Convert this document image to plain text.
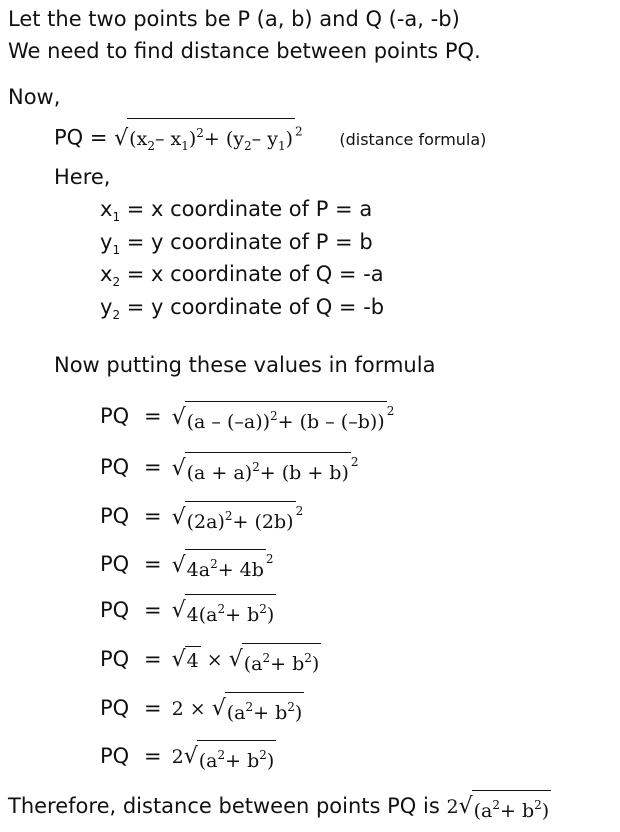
Let the two points be P (a, b) and Q (-a, -b)
We need to find distance between points PQ.
Now,
PQ = $√(x_2-$ $x_1)^2+ (y_2-$ $y_1$) $^2$ (distance formula)
Here,
$x_1 = x$ coordinate of P = a
$y_1 = y$ coordinate of P = b
$x_2 = x$ coordinate of Q = -a
$y_2 = y$ coordinate of Q = -b
Now putting these values in formula
PQ = √(a – (–a))$^2$+ (b – (–b)) $^2$
PQ = $√(a + a)^2+ (b + b)$ $^2$
PQ = $√(2a)^2+ (2b)$ $^2$
PQ = $√4a^2+ 4b$ $^2$
PQ = $√4(a^2+ b^2)$
PQ = $√4 \times √(a^2+ b^2)$
PQ = $2 \times √(a^2+ b^2)$
PQ = $2√(a^2+ b^2)$
Therefore, distance between points PQ is $2√(a^2+ b^2)$
